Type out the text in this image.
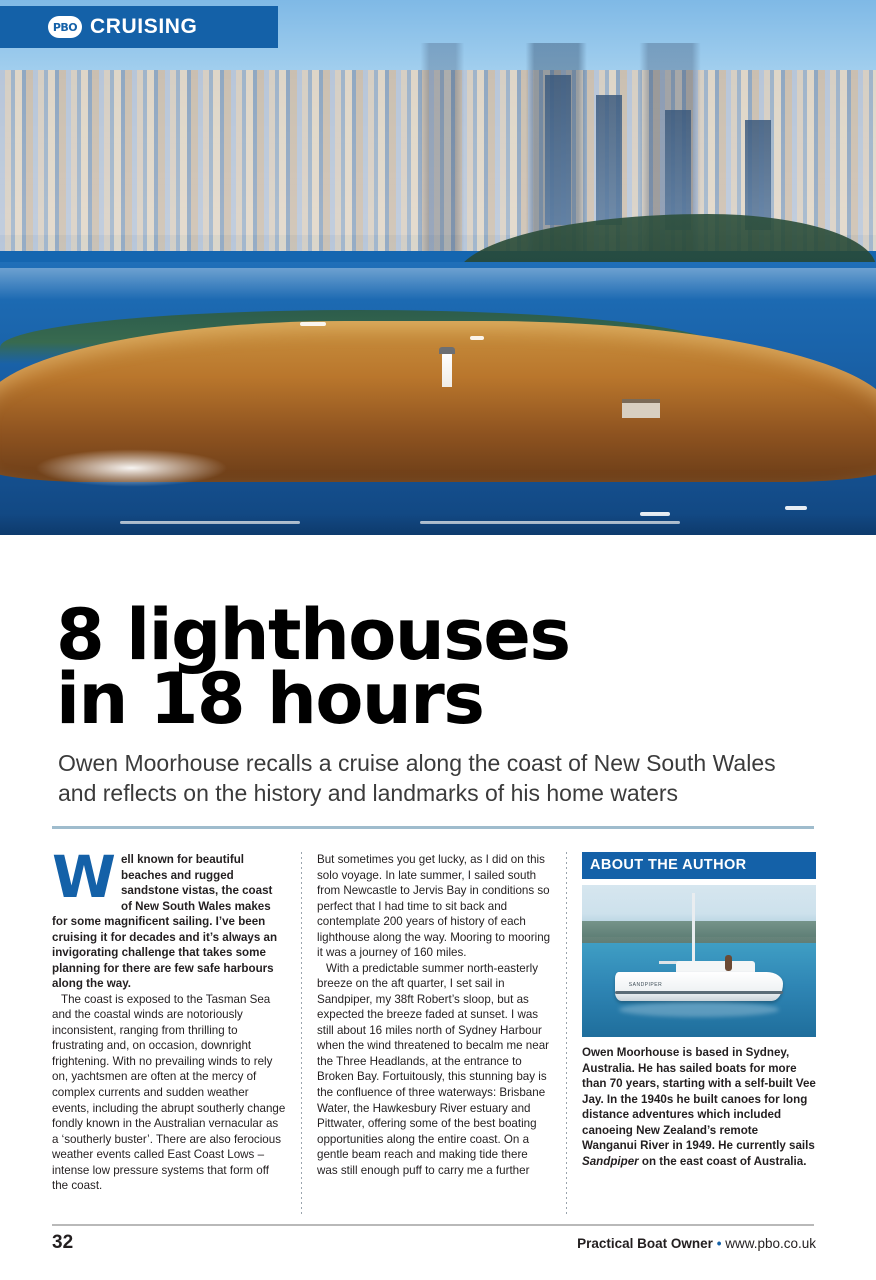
PBO CRUISING
8 lighthouses
in 18 hours
Owen Moorhouse recalls a cruise along the coast of New South Wales and reflects on the history and landmarks of his home waters

W ell known for beautiful beaches and rugged sandstone vistas, the coast of New South Wales makes for some magnificent sailing. I’ve been cruising it for decades and it’s always an invigorating challenge that takes some planning for there are few safe harbours along the way.

The coast is exposed to the Tasman Sea and the coastal winds are notoriously inconsistent, ranging from thrilling to frustrating and, on occasion, downright frightening. With no prevailing winds to rely on, yachtsmen are often at the mercy of complex currents and sudden weather events, including the abrupt southerly change fondly known in the Australian vernacular as a ‘southerly buster’. There are also ferocious weather events called East Coast Lows – intense low pressure systems that form off the coast.

But sometimes you get lucky, as I did on this solo voyage. In late summer, I sailed south from Newcastle to Jervis Bay in conditions so perfect that I had time to sit back and contemplate 200 years of history of each lighthouse along the way. Mooring to mooring it was a journey of 160 miles.

With a predictable summer north-easterly breeze on the aft quarter, I set sail in Sandpiper, my 38ft Robert’s sloop, but as expected the breeze faded at sunset. I was still about 16 miles north of Sydney Harbour when the wind threatened to becalm me near the Three Headlands, at the entrance to Broken Bay. Fortuitously, this stunning bay is the confluence of three waterways: Brisbane Water, the Hawkesbury River estuary and Pittwater, offering some of the best boating opportunities along the entire coast. On a gentle beam reach and making tide there was still enough puff to carry me a further

ABOUT THE AUTHOR
SANDPIPER
Owen Moorhouse is based in Sydney, Australia. He has sailed boats for more than 70 years, starting with a self-built Vee Jay. In the 1940s he built canoes for long distance adventures which included canoeing New Zealand’s remote Wanganui River in 1949. He currently sails Sandpiper on the east coast of Australia.
32	Practical Boat Owner • www.pbo.co.uk
